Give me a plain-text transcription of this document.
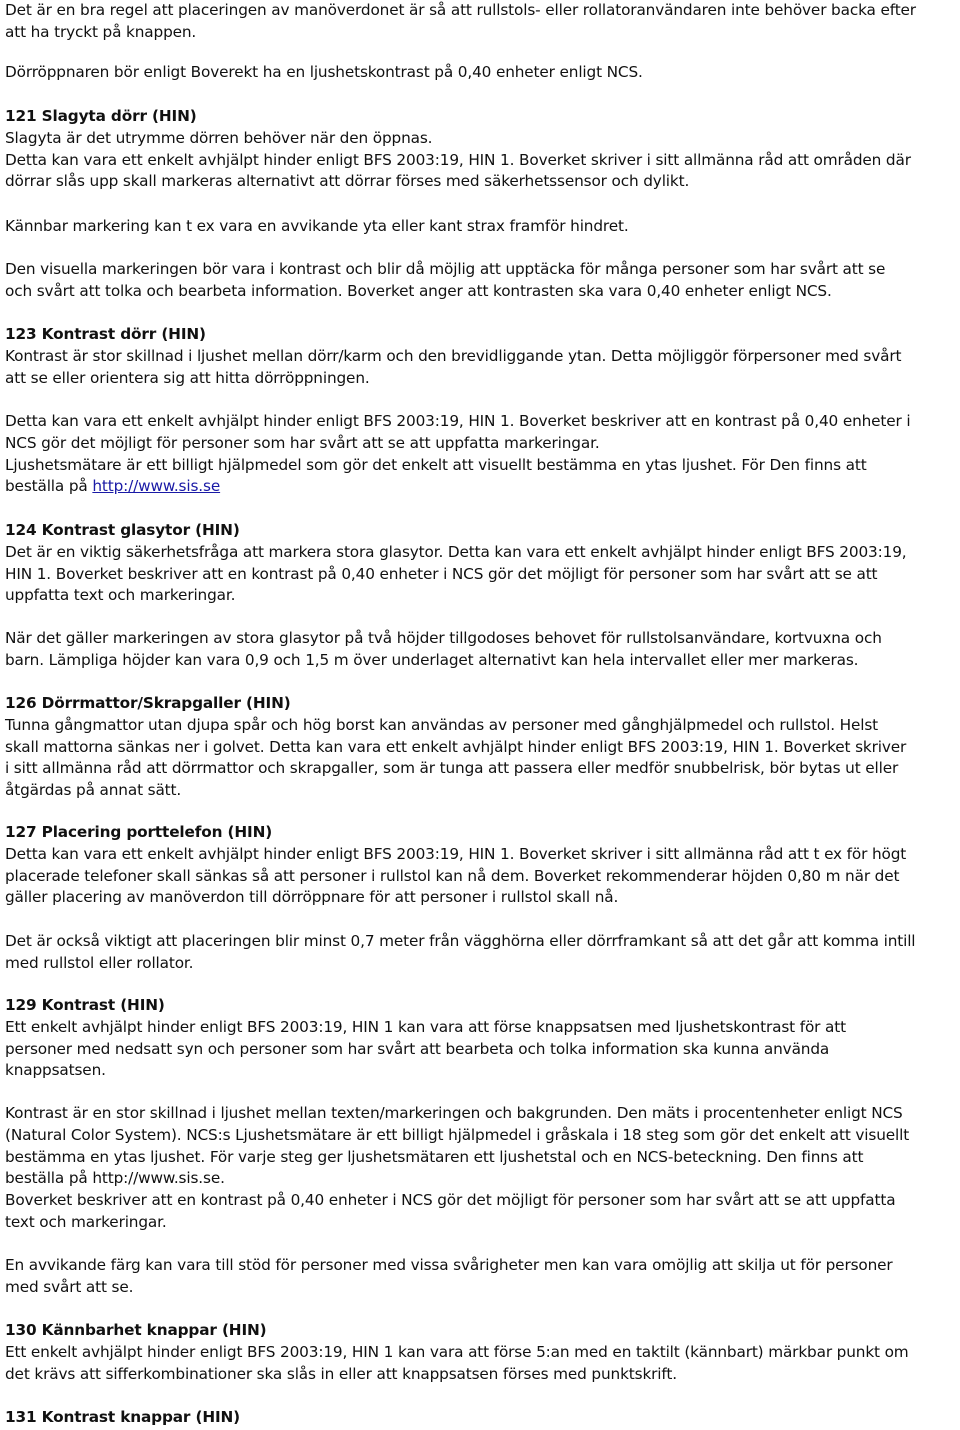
Det är en bra regel att placeringen av manöverdonet är så att rullstols- eller rollatoranvändaren inte behöver backa efter
att ha tryckt på knappen.
Dörröppnaren bör enligt Boverekt ha en ljushetskontrast på 0,40 enheter enligt NCS.
121 Slagyta dörr (HIN)
Slagyta är det utrymme dörren behöver när den öppnas.
Detta kan vara ett enkelt avhjälpt hinder enligt BFS 2003:19, HIN 1. Boverket skriver i sitt allmänna råd att områden där
dörrar slås upp skall markeras alternativt att dörrar förses med säkerhetssensor och dylikt.
Kännbar markering kan t ex vara en avvikande yta eller kant strax framför hindret.
Den visuella markeringen bör vara i kontrast och blir då möjlig att upptäcka för många personer som har svårt att se
och svårt att tolka och bearbeta information. Boverket anger att kontrasten ska vara 0,40 enheter enligt NCS.
123 Kontrast dörr (HIN)
Kontrast är stor skillnad i ljushet mellan dörr/karm och den brevidliggande ytan. Detta möjliggör förpersoner med svårt
att se eller orientera sig att hitta dörröppningen.
Detta kan vara ett enkelt avhjälpt hinder enligt BFS 2003:19, HIN 1. Boverket beskriver att en kontrast på 0,40 enheter i
NCS gör det möjligt för personer som har svårt att se att uppfatta markeringar.
Ljushetsmätare är ett billigt hjälpmedel som gör det enkelt att visuellt bestämma en ytas ljushet. För Den finns att
beställa på http://www.sis.se
124 Kontrast glasytor (HIN)
Det är en viktig säkerhetsfråga att markera stora glasytor. Detta kan vara ett enkelt avhjälpt hinder enligt BFS 2003:19,
HIN 1. Boverket beskriver att en kontrast på 0,40 enheter i NCS gör det möjligt för personer som har svårt att se att
uppfatta text och markeringar.
När det gäller markeringen av stora glasytor på två höjder tillgodoses behovet för rullstolsanvändare, kortvuxna och
barn. Lämpliga höjder kan vara 0,9 och 1,5 m över underlaget alternativt kan hela intervallet eller mer markeras.
126 Dörrmattor/Skrapgaller (HIN)
Tunna gångmattor utan djupa spår och hög borst kan användas av personer med gånghjälpmedel och rullstol. Helst
skall mattorna sänkas ner i golvet. Detta kan vara ett enkelt avhjälpt hinder enligt BFS 2003:19, HIN 1. Boverket skriver
i sitt allmänna råd att dörrmattor och skrapgaller, som är tunga att passera eller medför snubbelrisk, bör bytas ut eller
åtgärdas på annat sätt.
127 Placering porttelefon (HIN)
Detta kan vara ett enkelt avhjälpt hinder enligt BFS 2003:19, HIN 1. Boverket skriver i sitt allmänna råd att t ex för högt
placerade telefoner skall sänkas så att personer i rullstol kan nå dem. Boverket rekommenderar höjden 0,80 m när det
gäller placering av manöverdon till dörröppnare för att personer i rullstol skall nå.
Det är också viktigt att placeringen blir minst 0,7 meter från vägghörna eller dörrframkant så att det går att komma intill
med rullstol eller rollator.
129 Kontrast (HIN)
Ett enkelt avhjälpt hinder enligt BFS 2003:19, HIN 1 kan vara att förse knappsatsen med ljushetskontrast för att
personer med nedsatt syn och personer som har svårt att bearbeta och tolka information ska kunna använda
knappsatsen.
Kontrast är en stor skillnad i ljushet mellan texten/markeringen och bakgrunden. Den mäts i procentenheter enligt NCS
(Natural Color System). NCS:s Ljushetsmätare är ett billigt hjälpmedel i gråskala i 18 steg som gör det enkelt att visuellt
bestämma en ytas ljushet. För varje steg ger ljushetsmätaren ett ljushetstal och en NCS-beteckning. Den finns att
beställa på http://www.sis.se.
Boverket beskriver att en kontrast på 0,40 enheter i NCS gör det möjligt för personer som har svårt att se att uppfatta
text och markeringar.
En avvikande färg kan vara till stöd för personer med vissa svårigheter men kan vara omöjlig att skilja ut för personer
med svårt att se.
130 Kännbarhet knappar (HIN)
Ett enkelt avhjälpt hinder enligt BFS 2003:19, HIN 1 kan vara att förse 5:an med en taktilt (kännbart) märkbar punkt om
det krävs att sifferkombinationer ska slås in eller att knappsatsen förses med punktskrift.
131 Kontrast knappar (HIN)
